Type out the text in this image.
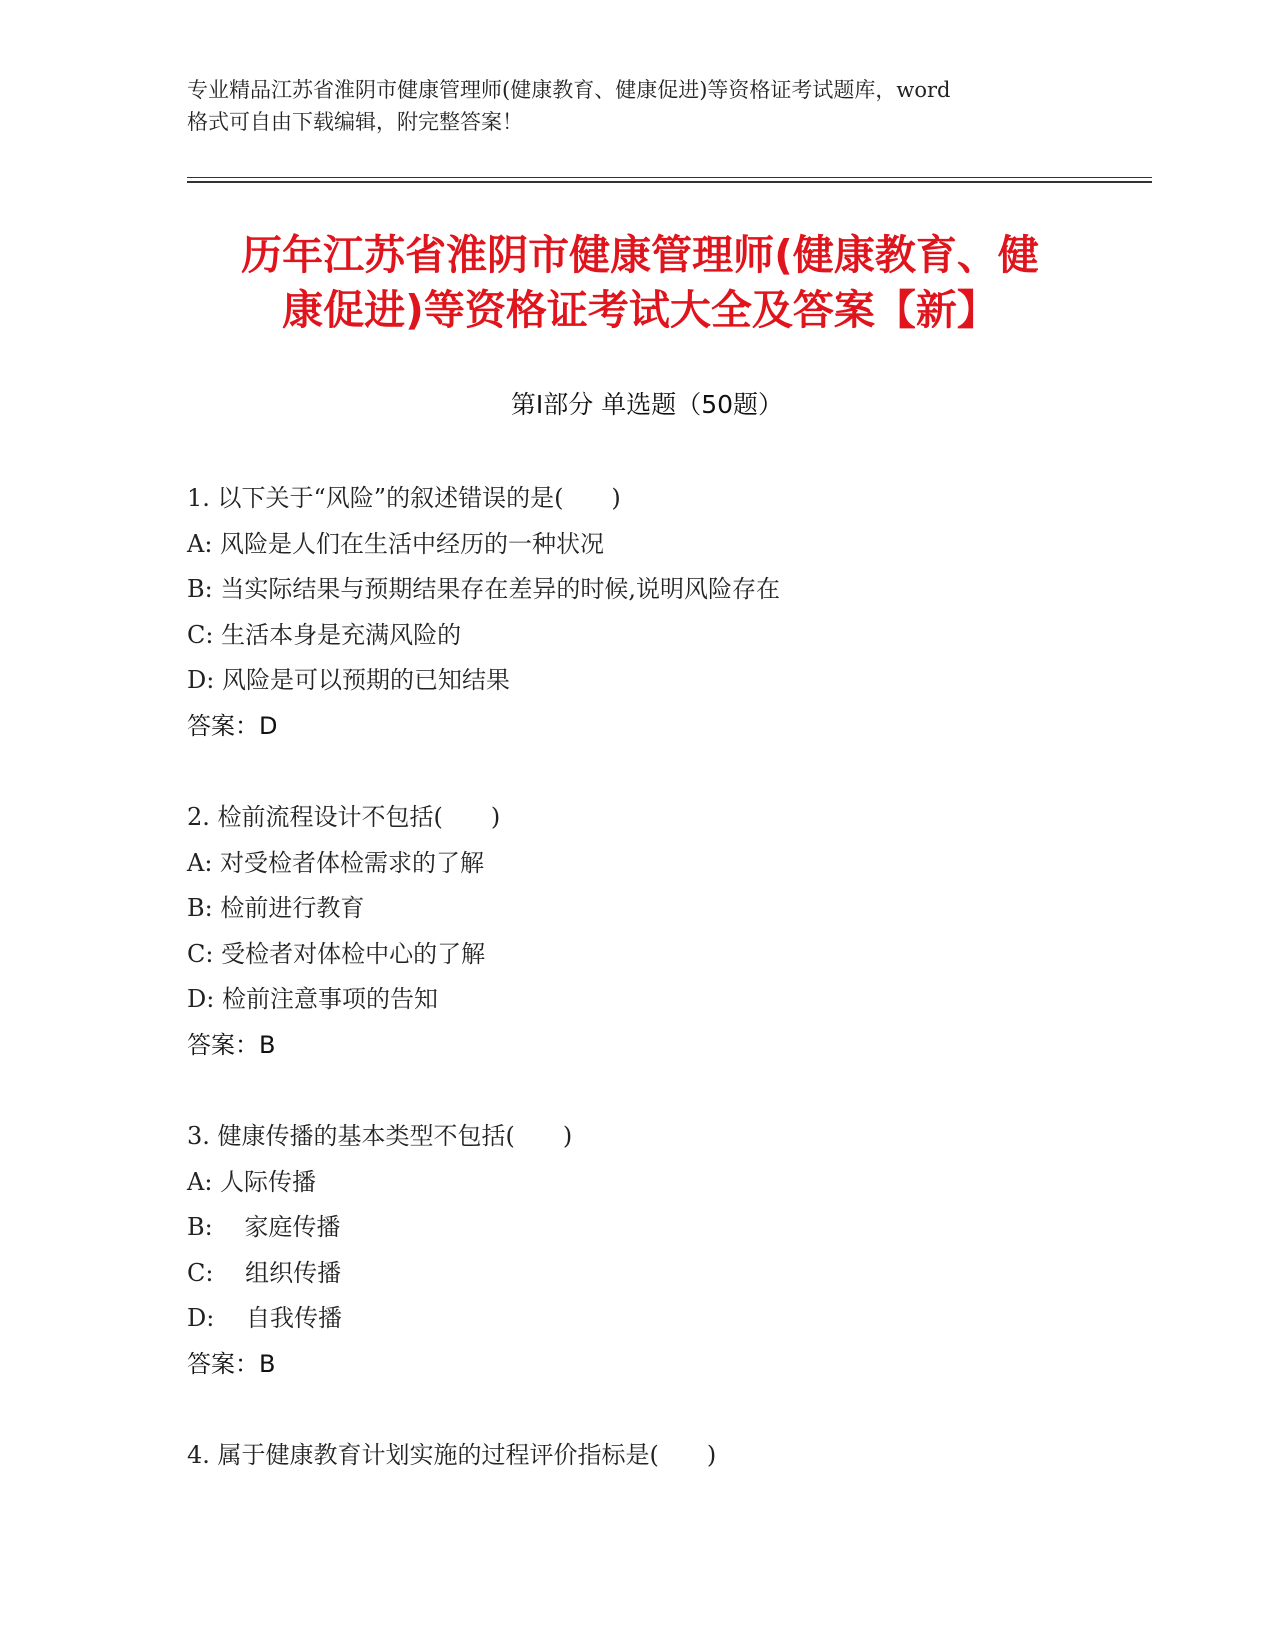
专业精品江苏省淮阴市健康管理师(健康教育、健康促进)等资格证考试题库，word
格式可自由下载编辑，附完整答案！
历年江苏省淮阴市健康管理师(健康教育、健
康促进)等资格证考试大全及答案【新】
第Ⅰ部分 单选题（50题）
1. 以下关于“风险”的叙述错误的是(　　)
A: 风险是人们在生活中经历的一种状况
B: 当实际结果与预期结果存在差异的时候,说明风险存在
C: 生活本身是充满风险的
D: 风险是可以预期的已知结果
答案：D
2. 检前流程设计不包括(　　)
A: 对受检者体检需求的了解
B: 检前进行教育
C: 受检者对体检中心的了解
D: 检前注意事项的告知
答案：B
3. 健康传播的基本类型不包括(　　)
A: 人际传播
B: 　家庭传播
C: 　组织传播
D: 　自我传播
答案：B
4. 属于健康教育计划实施的过程评价指标是(　　)
